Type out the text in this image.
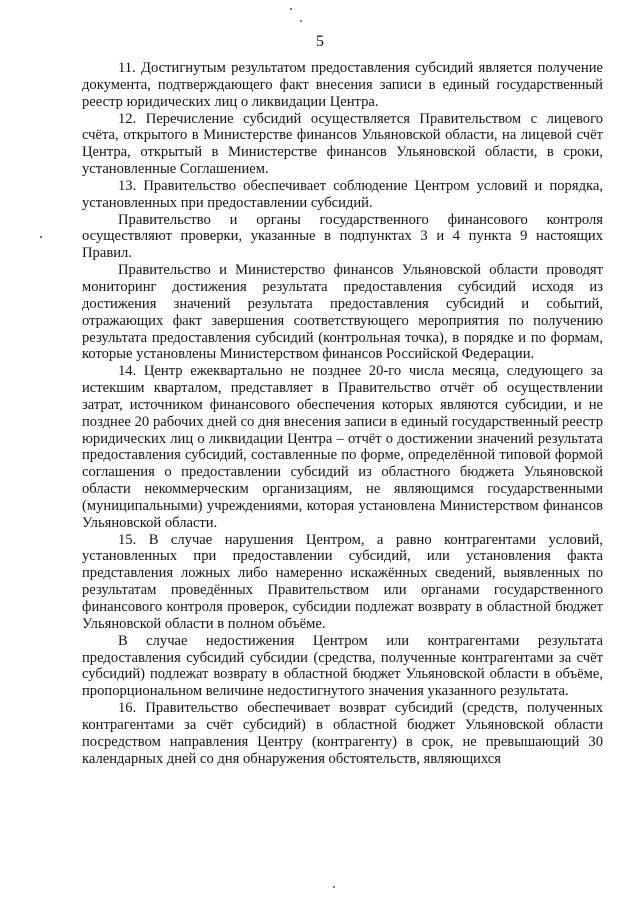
5

11. Достигнутым результатом предоставления субсидий является получение документа, подтверждающего факт внесения записи в единый государственный реестр юридических лиц о ликвидации Центра.

12. Перечисление субсидий осуществляется Правительством с лицевого счёта, открытого в Министерстве финансов Ульяновской области, на лицевой счёт Центра, открытый в Министерстве финансов Ульяновской области, в сроки, установленные Соглашением.

13. Правительство обеспечивает соблюдение Центром условий и порядка, установленных при предоставлении субсидий.

Правительство и органы государственного финансового контроля осуществляют проверки, указанные в подпунктах 3 и 4 пункта 9 настоящих Правил.

Правительство и Министерство финансов Ульяновской области проводят мониторинг достижения результата предоставления субсидий исходя из достижения значений результата предоставления субсидий и событий, отражающих факт завершения соответствующего мероприятия по получению результата предоставления субсидий (контрольная точка), в порядке и по формам, которые установлены Министерством финансов Российской Федерации.

14. Центр ежеквартально не позднее 20-го числа месяца, следующего за истекшим кварталом, представляет в Правительство отчёт об осуществлении затрат, источником финансового обеспечения которых являются субсидии, и не позднее 20 рабочих дней со дня внесения записи в единый государственный реестр юридических лиц о ликвидации Центра – отчёт о достижении значений результата предоставления субсидий, составленные по форме, определённой типовой формой соглашения о предоставлении субсидий из областного бюджета Ульяновской области некоммерческим организациям, не являющимся государственными (муниципальными) учреждениями, которая установлена Министерством финансов Ульяновской области.

15. В случае нарушения Центром, а равно контрагентами условий, установленных при предоставлении субсидий, или установления факта представления ложных либо намеренно искажённых сведений, выявленных по результатам проведённых Правительством или органами государственного финансового контроля проверок, субсидии подлежат возврату в областной бюджет Ульяновской области в полном объёме.

В случае недостижения Центром или контрагентами результата предоставления субсидий субсидии (средства, полученные контрагентами за счёт субсидий) подлежат возврату в областной бюджет Ульяновской области в объёме, пропорциональном величине недостигнутого значения указанного результата.

16. Правительство обеспечивает возврат субсидий (средств, полученных контрагентами за счёт субсидий) в областной бюджет Ульяновской области посредством направления Центру (контрагенту) в срок, не превышающий 30 календарных дней со дня обнаружения обстоятельств, являющихся
